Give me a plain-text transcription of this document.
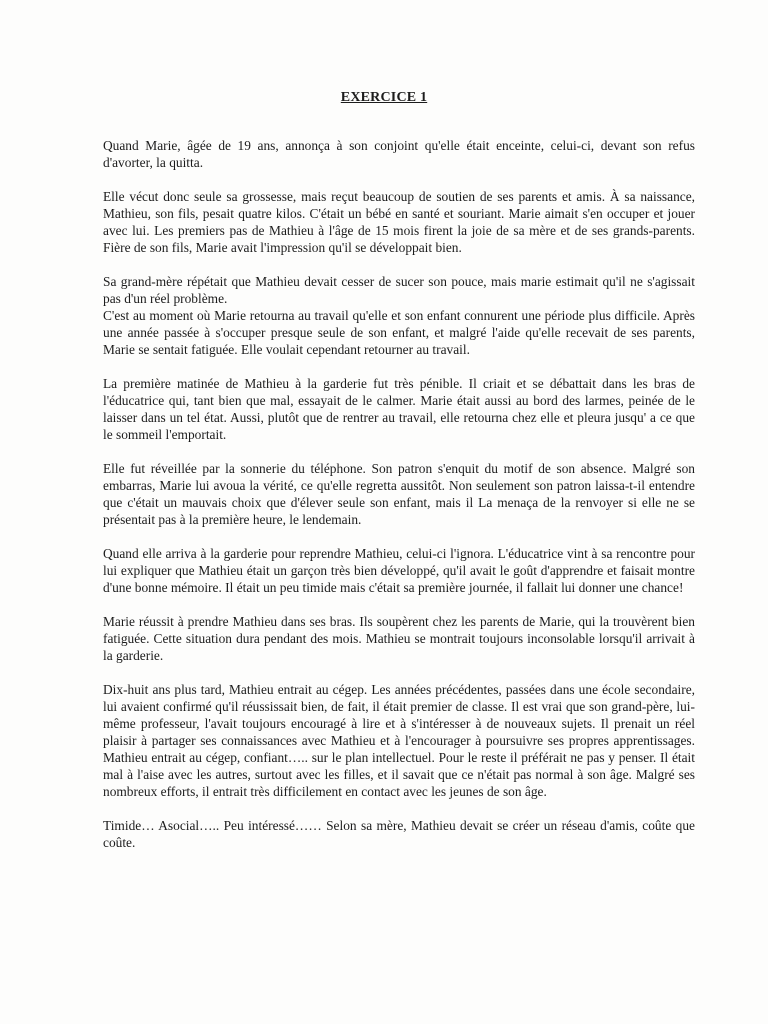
EXERCICE 1

Quand Marie, âgée de 19 ans, annonça à son conjoint qu'elle était enceinte, celui-ci, devant son refus d'avorter, la quitta.

Elle vécut donc seule sa grossesse, mais reçut beaucoup de soutien de ses parents et amis. À sa naissance, Mathieu, son fils, pesait quatre kilos. C'était un bébé en santé et souriant. Marie aimait s'en occuper et jouer avec lui. Les premiers pas de Mathieu à l'âge de 15 mois firent la joie de sa mère et de ses grands-parents. Fière de son fils, Marie avait l'impression qu'il se développait bien.

Sa grand-mère répétait que Mathieu devait cesser de sucer son pouce, mais marie estimait qu'il ne s'agissait pas d'un réel problème.

C'est au moment où Marie retourna au travail qu'elle et son enfant connurent une période plus difficile. Après une année passée à s'occuper presque seule de son enfant, et malgré l'aide qu'elle recevait de ses parents, Marie se sentait fatiguée. Elle voulait cependant retourner au travail.

La première matinée de Mathieu à la garderie fut très pénible. Il criait et se débattait dans les bras de l'éducatrice qui, tant bien que mal, essayait de le calmer. Marie était aussi au bord des larmes, peinée de le laisser dans un tel état. Aussi, plutôt que de rentrer au travail, elle retourna chez elle et pleura jusqu' a ce que le sommeil l'emportait.

Elle fut réveillée par la sonnerie du téléphone. Son patron s'enquit du motif de son absence. Malgré son embarras, Marie lui avoua la vérité, ce qu'elle regretta aussitôt. Non seulement son patron laissa-t-il entendre que c'était un mauvais choix que d'élever seule son enfant, mais il La menaça de la renvoyer si elle ne se présentait pas à la première heure, le lendemain.

Quand elle arriva à la garderie pour reprendre Mathieu, celui-ci l'ignora. L'éducatrice vint à sa rencontre pour lui expliquer que Mathieu était un garçon très bien développé, qu'il avait le goût d'apprendre et faisait montre d'une bonne mémoire. Il était un peu timide mais c'était sa première journée, il fallait lui donner une chance!

Marie réussit à prendre Mathieu dans ses bras. Ils soupèrent chez les parents de Marie, qui la trouvèrent bien fatiguée. Cette situation dura pendant des mois. Mathieu se montrait toujours inconsolable lorsqu'il arrivait à la garderie.

Dix-huit ans plus tard, Mathieu entrait au cégep. Les années précédentes, passées dans une école secondaire, lui avaient confirmé qu'il réussissait bien, de fait, il était premier de classe. Il est vrai que son grand-père, lui-même professeur, l'avait toujours encouragé à lire et à s'intéresser à de nouveaux sujets. Il prenait un réel plaisir à partager ses connaissances avec Mathieu et à l'encourager à poursuivre ses propres apprentissages. Mathieu entrait au cégep, confiant….. sur le plan intellectuel. Pour le reste il préférait ne pas y penser. Il était mal à l'aise avec les autres, surtout avec les filles, et il savait que ce n'était pas normal à son âge. Malgré ses nombreux efforts, il entrait très difficilement en contact avec les jeunes de son âge.

Timide… Asocial….. Peu intéressé…… Selon sa mère, Mathieu devait se créer un réseau d'amis, coûte que coûte.
